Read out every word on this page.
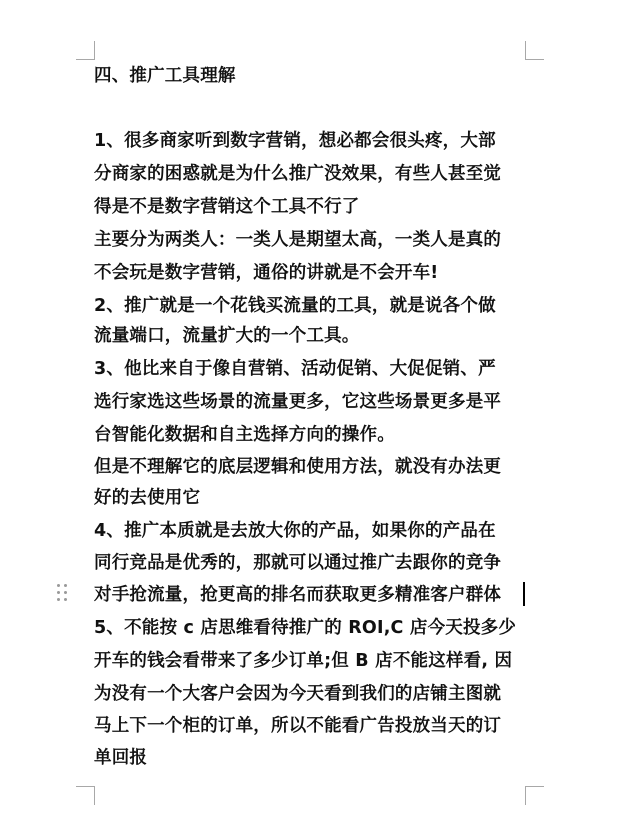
四、推广工具理解
1、很多商家听到数字营销，想必都会很头疼，大部
分商家的困惑就是为什么推广没效果，有些人甚至觉
得是不是数字营销这个工具不行了
主要分为两类人：一类人是期望太高，一类人是真的
不会玩是数字营销，通俗的讲就是不会开车!
2、推广就是一个花钱买流量的工具，就是说各个做
流量端口，流量扩大的一个工具。
3、他比来自于像自营销、活动促销、大促促销、严
选行家选这些场景的流量更多，它这些场景更多是平
台智能化数据和自主选择方向的操作。
但是不理解它的底层逻辑和使用方法，就没有办法更
好的去使用它
4、推广本质就是去放大你的产品，如果你的产品在
同行竞品是优秀的，那就可以通过推广去跟你的竞争
对手抢流量，抢更高的排名而获取更多精准客户群体
5、不能按 c 店思维看待推广的 ROI,C 店今天投多少
开车的钱会看带来了多少订单;但 B 店不能这样看, 因
为没有一个大客户会因为今天看到我们的店铺主图就
马上下一个柜的订单，所以不能看广告投放当天的订
单回报
